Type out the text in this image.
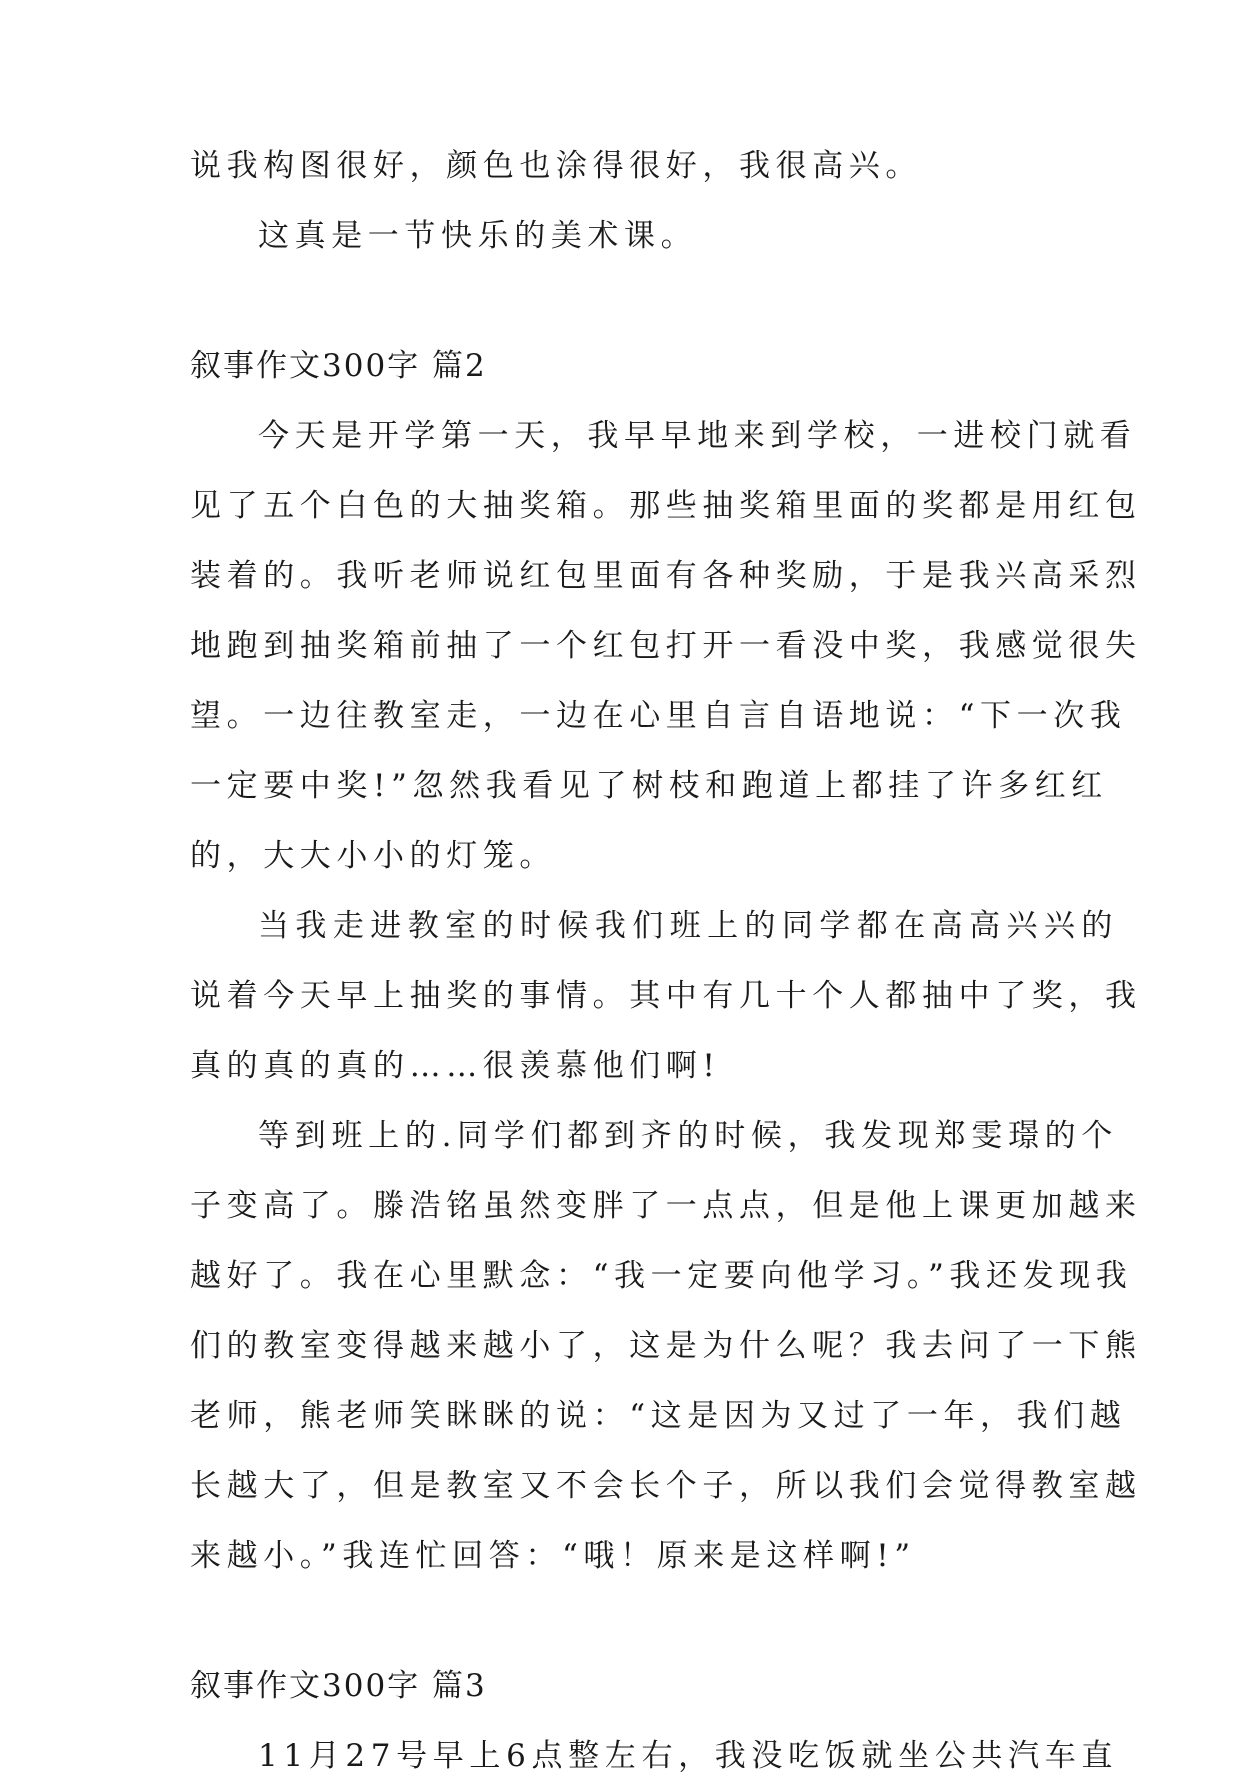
说我构图很好，颜色也涂得很好，我很高兴。
这真是一节快乐的美术课。
叙事作文300字 篇2
今天是开学第一天，我早早地来到学校，一进校门就看
见了五个白色的大抽奖箱。那些抽奖箱里面的奖都是用红包
装着的。我听老师说红包里面有各种奖励，于是我兴高采烈
地跑到抽奖箱前抽了一个红包打开一看没中奖，我感觉很失
望。一边往教室走，一边在心里自言自语地说：“下一次我
一定要中奖!”忽然我看见了树枝和跑道上都挂了许多红红
的，大大小小的灯笼。
当我走进教室的时候我们班上的同学都在高高兴兴的
说着今天早上抽奖的事情。其中有几十个人都抽中了奖，我
真的真的真的……很羡慕他们啊!
等到班上的.同学们都到齐的时候，我发现郑雯璟的个
子变高了。滕浩铭虽然变胖了一点点，但是他上课更加越来
越好了。我在心里默念：“我一定要向他学习。”我还发现我
们的教室变得越来越小了，这是为什么呢？我去问了一下熊
老师，熊老师笑眯眯的说：“这是因为又过了一年，我们越
长越大了，但是教室又不会长个子，所以我们会觉得教室越
来越小。”我连忙回答：“哦！原来是这样啊!”
叙事作文300字 篇3
11月27号早上6点整左右，我没吃饭就坐公共汽车直
